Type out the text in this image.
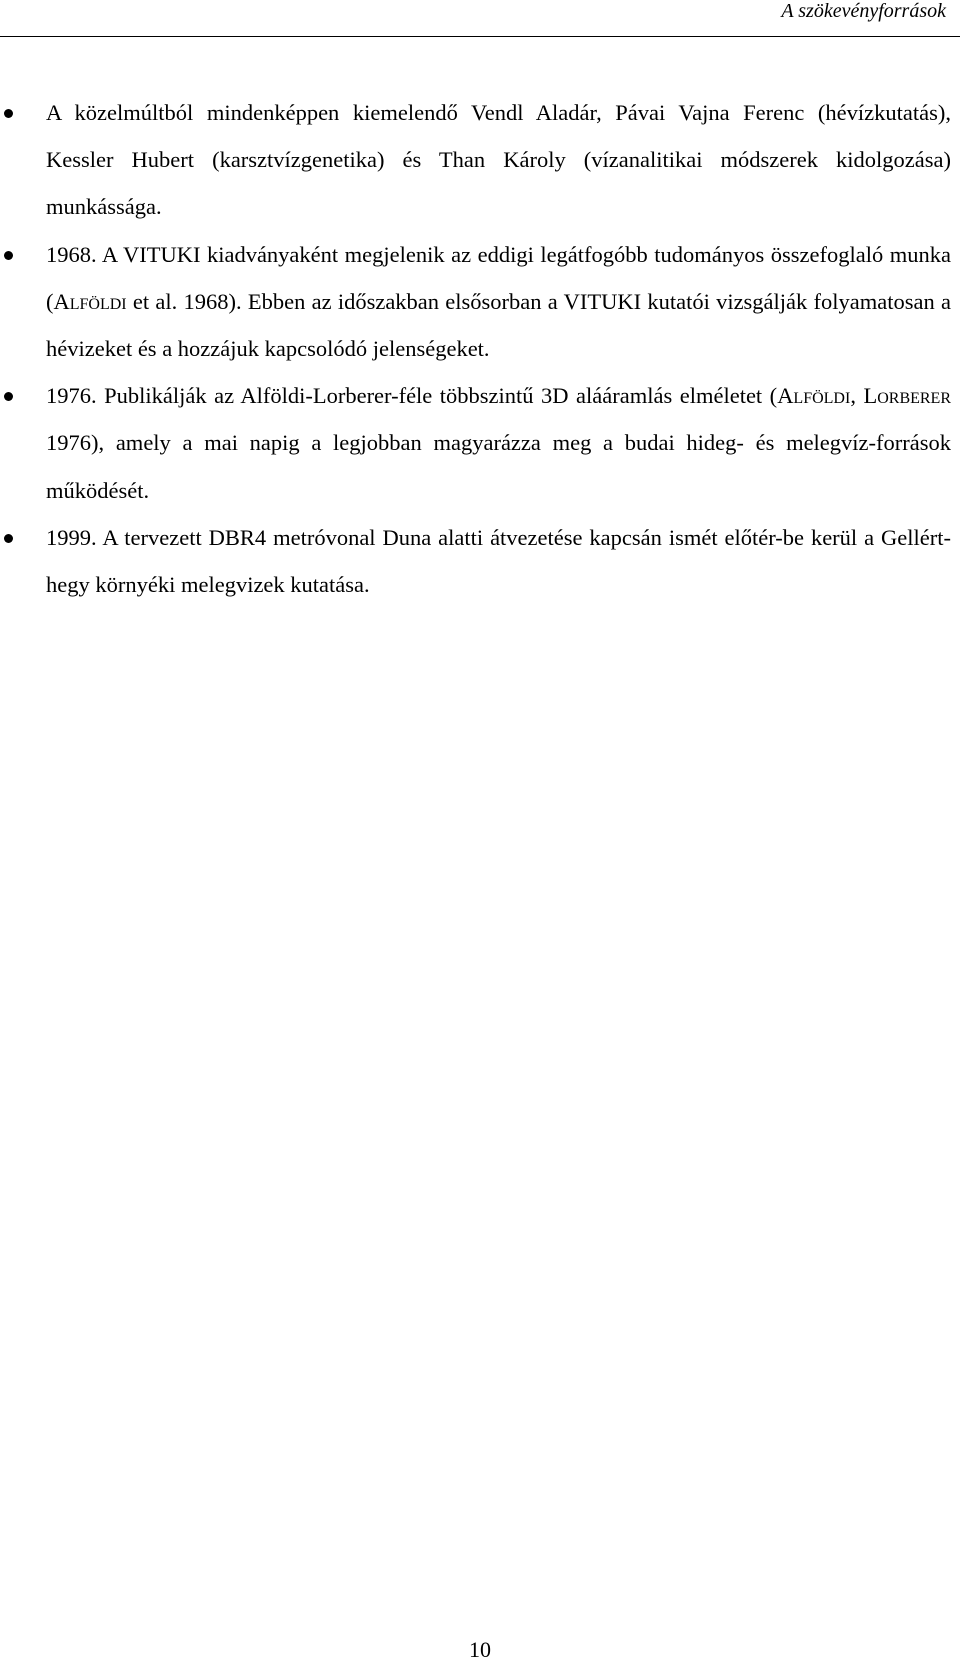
A szökevényforrások
A közelmúltból mindenképpen kiemelendő Vendl Aladár, Pávai Vajna Ferenc (hévízkutatás), Kessler Hubert (karsztvízgenetika) és Than Károly (vízanalitikai módszerek kidolgozása) munkássága.
1968. A VITUKI kiadványaként megjelenik az eddigi legátfogóbb tudományos összefoglaló munka (Alföldi et al. 1968). Ebben az időszakban elsősorban a VITUKI kutatói vizsgálják folyamatosan a hévizeket és a hozzájuk kapcsolódó jelenségeket.
1976. Publikálják az Alföldi-Lorberer-féle többszintű 3D alááramlás elméletet (Alföldi, Lorberer 1976), amely a mai napig a legjobban magyarázza meg a budai hideg- és melegvíz-források működését.
1999. A tervezett DBR4 metróvonal Duna alatti átvezetése kapcsán ismét előtér-be kerül a Gellért-hegy környéki melegvizek kutatása.
10
